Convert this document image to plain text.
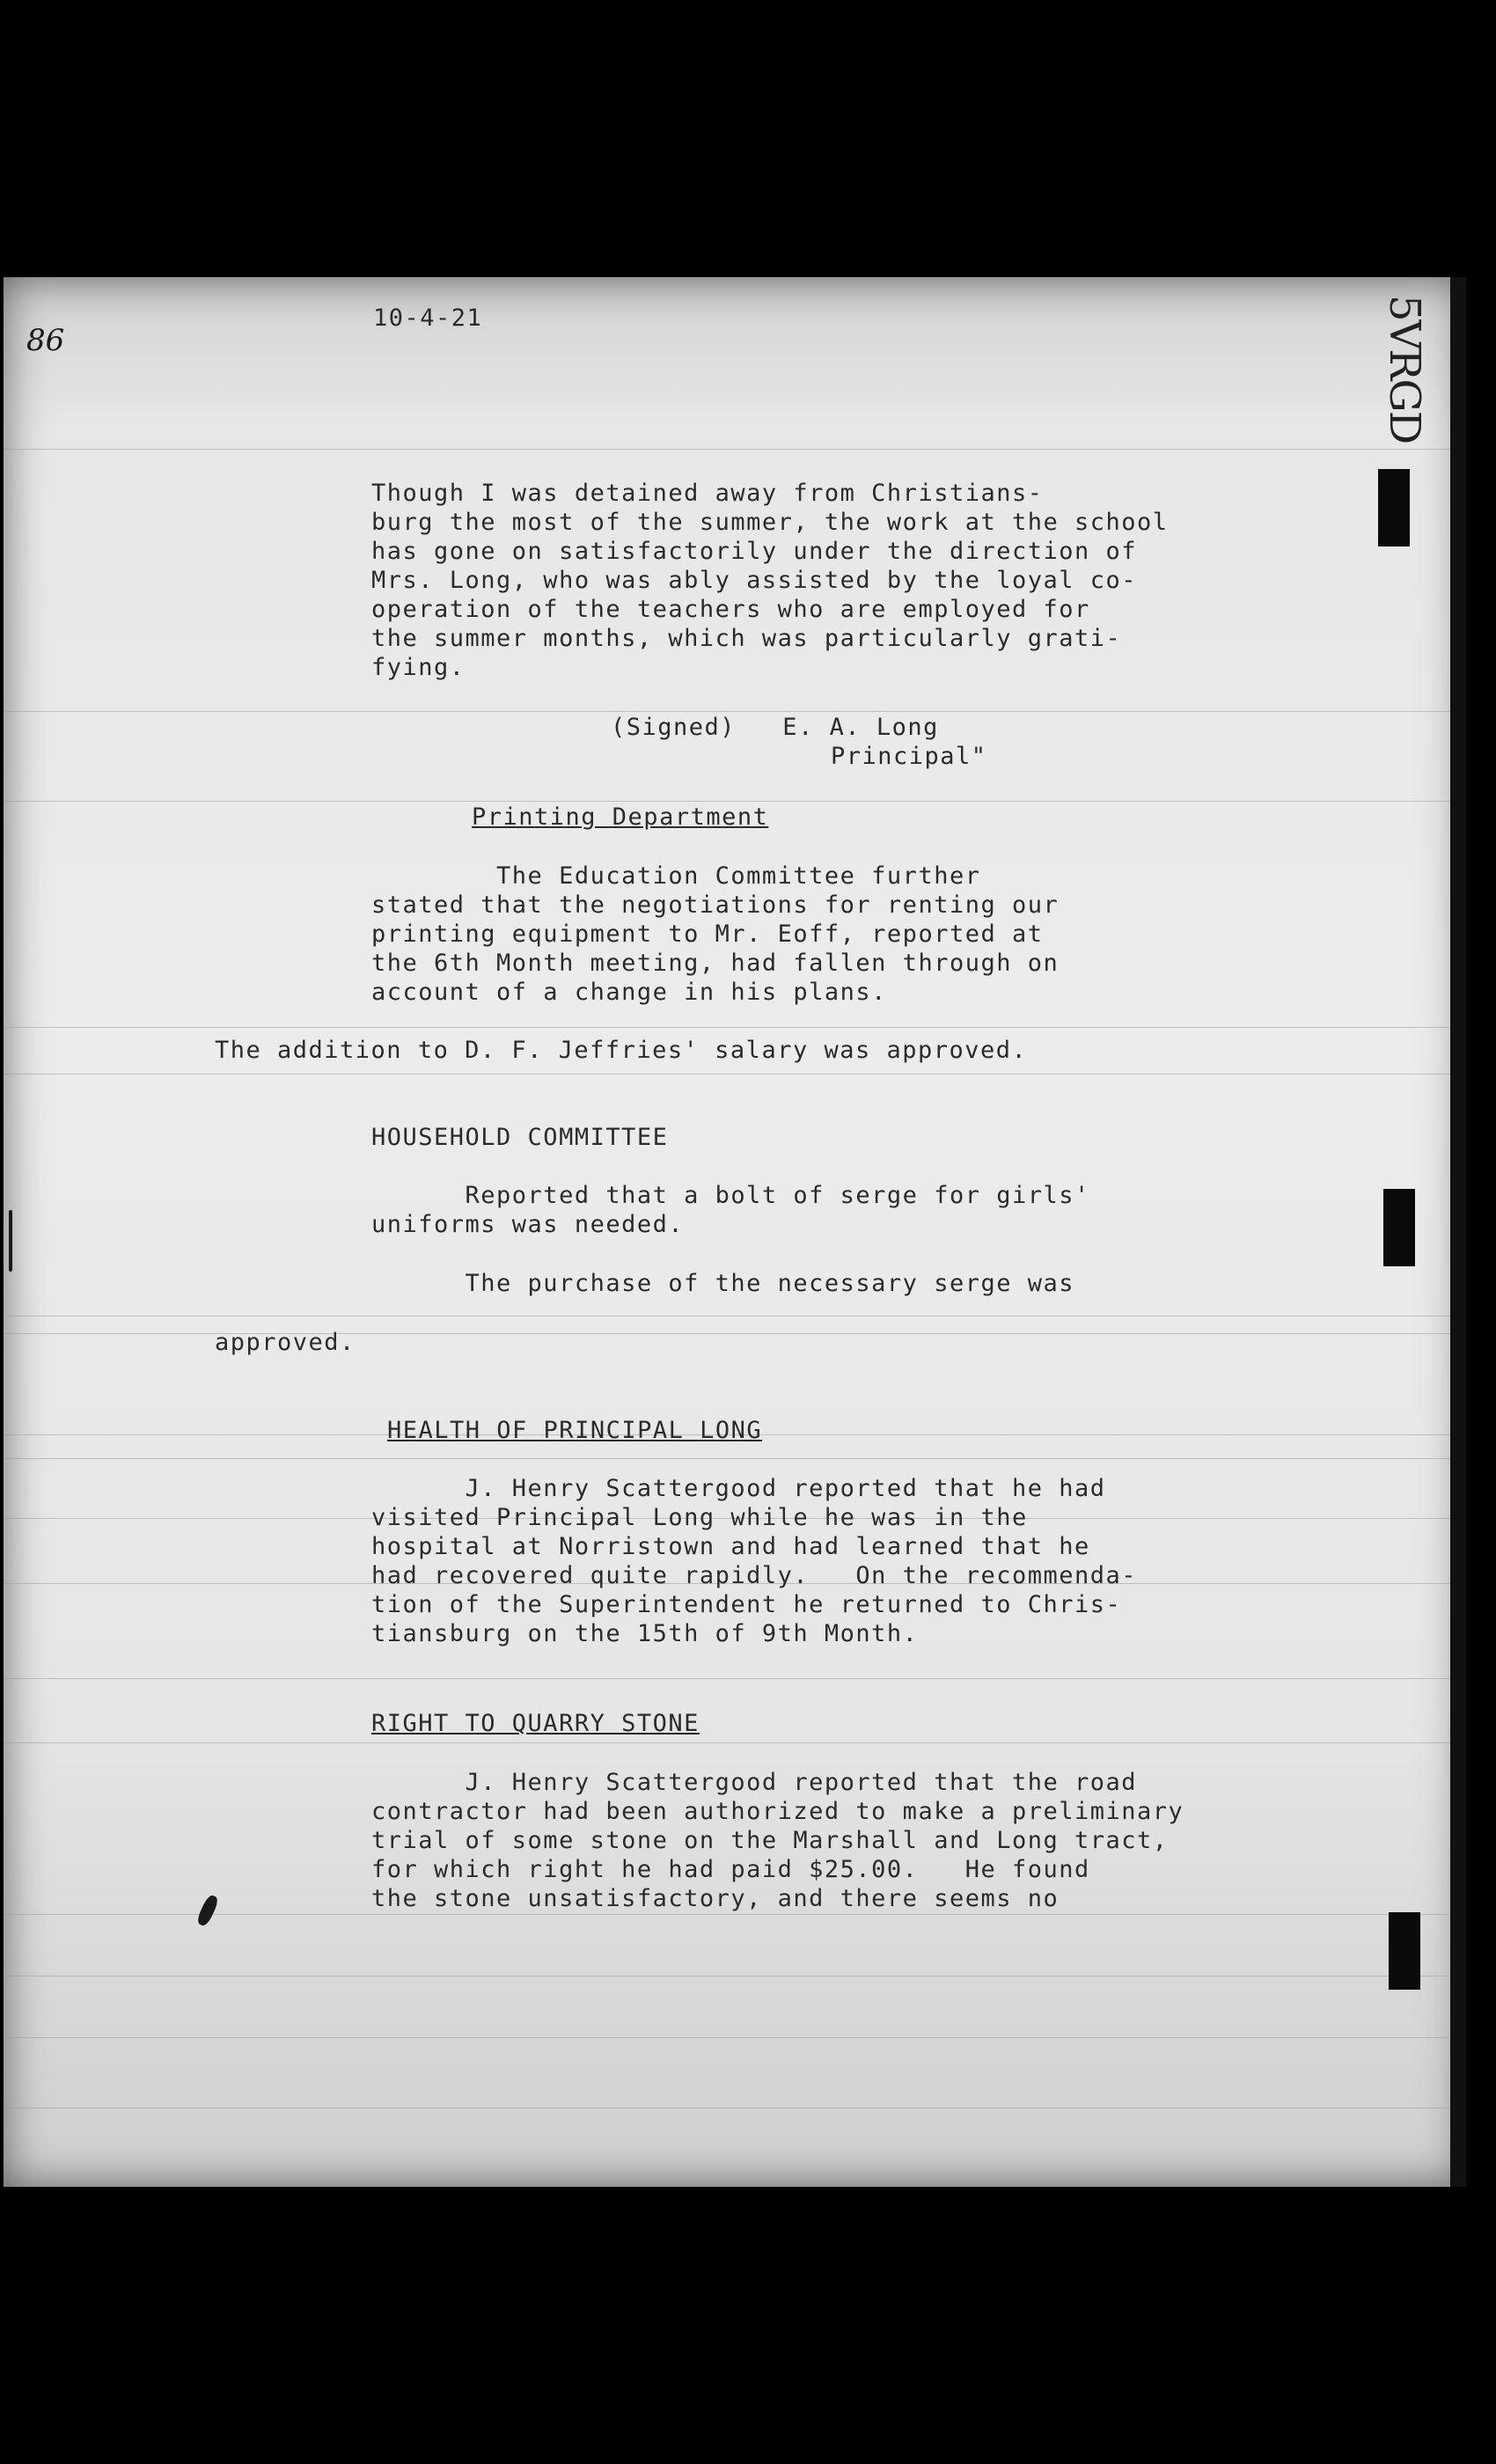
86

10-4-21	5VRGD

Though I was detained away from Christians-
burg the most of the summer, the work at the school
has gone on satisfactorily under the direction of
Mrs. Long, who was ably assisted by the loyal co-
operation of the teachers who are employed for
the summer months, which was particularly grati-
fying.

(Signed)   E. A. Long

Principal"

Printing Department

The Education Committee further
stated that the negotiations for renting our
printing equipment to Mr. Eoff, reported at
the 6th Month meeting, had fallen through on
account of a change in his plans.

The addition to D. F. Jeffries' salary was approved.

HOUSEHOLD COMMITTEE

Reported that a bolt of serge for girls'
uniforms was needed.

The purchase of the necessary serge was

approved.

HEALTH OF PRINCIPAL LONG

J. Henry Scattergood reported that he had
visited Principal Long while he was in the
hospital at Norristown and had learned that he
had recovered quite rapidly.   On the recommenda-
tion of the Superintendent he returned to Chris-
tiansburg on the 15th of 9th Month.

RIGHT TO QUARRY STONE

J. Henry Scattergood reported that the road
contractor had been authorized to make a preliminary
trial of some stone on the Marshall and Long tract,
for which right he had paid $25.00.   He found
the stone unsatisfactory, and there seems no
